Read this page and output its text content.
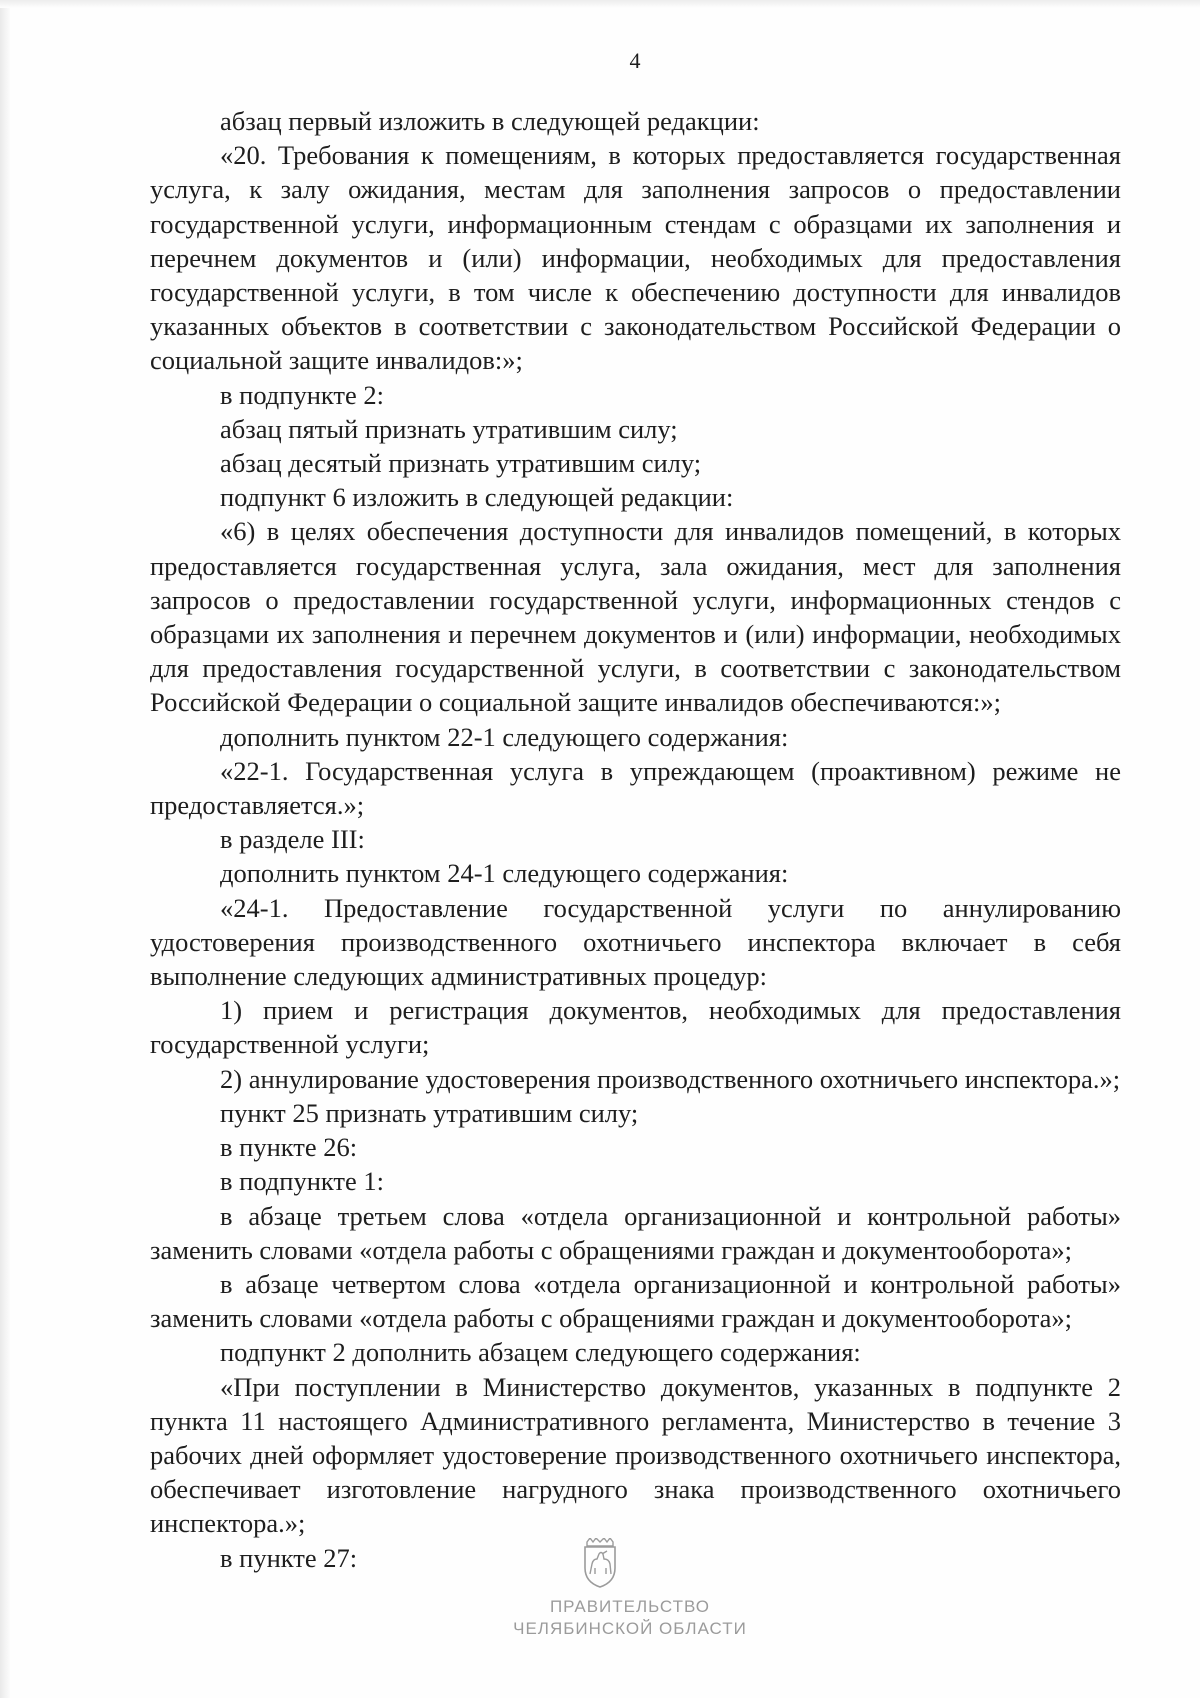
4

абзац первый изложить в следующей редакции:

«20. Требования к помещениям, в которых предоставляется государственная услуга, к залу ожидания, местам для заполнения запросов о предоставлении государственной услуги, информационным стендам с образцами их заполнения и перечнем документов и (или) информации, необходимых для предоставления государственной услуги, в том числе к обеспечению доступности для инвалидов указанных объектов в соответствии с законодательством Российской Федерации о социальной защите инвалидов:»;

в подпункте 2:

абзац пятый признать утратившим силу;

абзац десятый признать утратившим силу;

подпункт 6 изложить в следующей редакции:

«6) в целях обеспечения доступности для инвалидов помещений, в которых предоставляется государственная услуга, зала ожидания, мест для заполнения запросов о предоставлении государственной услуги, информационных стендов с образцами их заполнения и перечнем документов и (или) информации, необходимых для предоставления государственной услуги, в соответствии с законодательством Российской Федерации о социальной защите инвалидов обеспечиваются:»;

дополнить пунктом 22-1 следующего содержания:

«22-1. Государственная услуга в упреждающем (проактивном) режиме не предоставляется.»;

в разделе III:

дополнить пунктом 24-1 следующего содержания:

«24-1. Предоставление государственной услуги по аннулированию удостоверения производственного охотничьего инспектора включает в себя выполнение следующих административных процедур:

1) прием и регистрация документов, необходимых для предоставления государственной услуги;

2) аннулирование удостоверения производственного охотничьего инспектора.»;

пункт 25 признать утратившим силу;

в пункте 26:

в подпункте 1:

в абзаце третьем слова «отдела организационной и контрольной работы» заменить словами «отдела работы с обращениями граждан и документооборота»;

в абзаце четвертом слова «отдела организационной и контрольной работы» заменить словами «отдела работы с обращениями граждан и документооборота»;

подпункт 2 дополнить абзацем следующего содержания:

«При поступлении в Министерство документов, указанных в подпункте 2 пункта 11 настоящего Административного регламента, Министерство в течение 3 рабочих дней оформляет удостоверение производственного охотничьего инспектора, обеспечивает изготовление нагрудного знака производственного охотничьего инспектора.»;

в пункте 27:

ПРАВИТЕЛЬСТВО
ЧЕЛЯБИНСКОЙ ОБЛАСТИ
